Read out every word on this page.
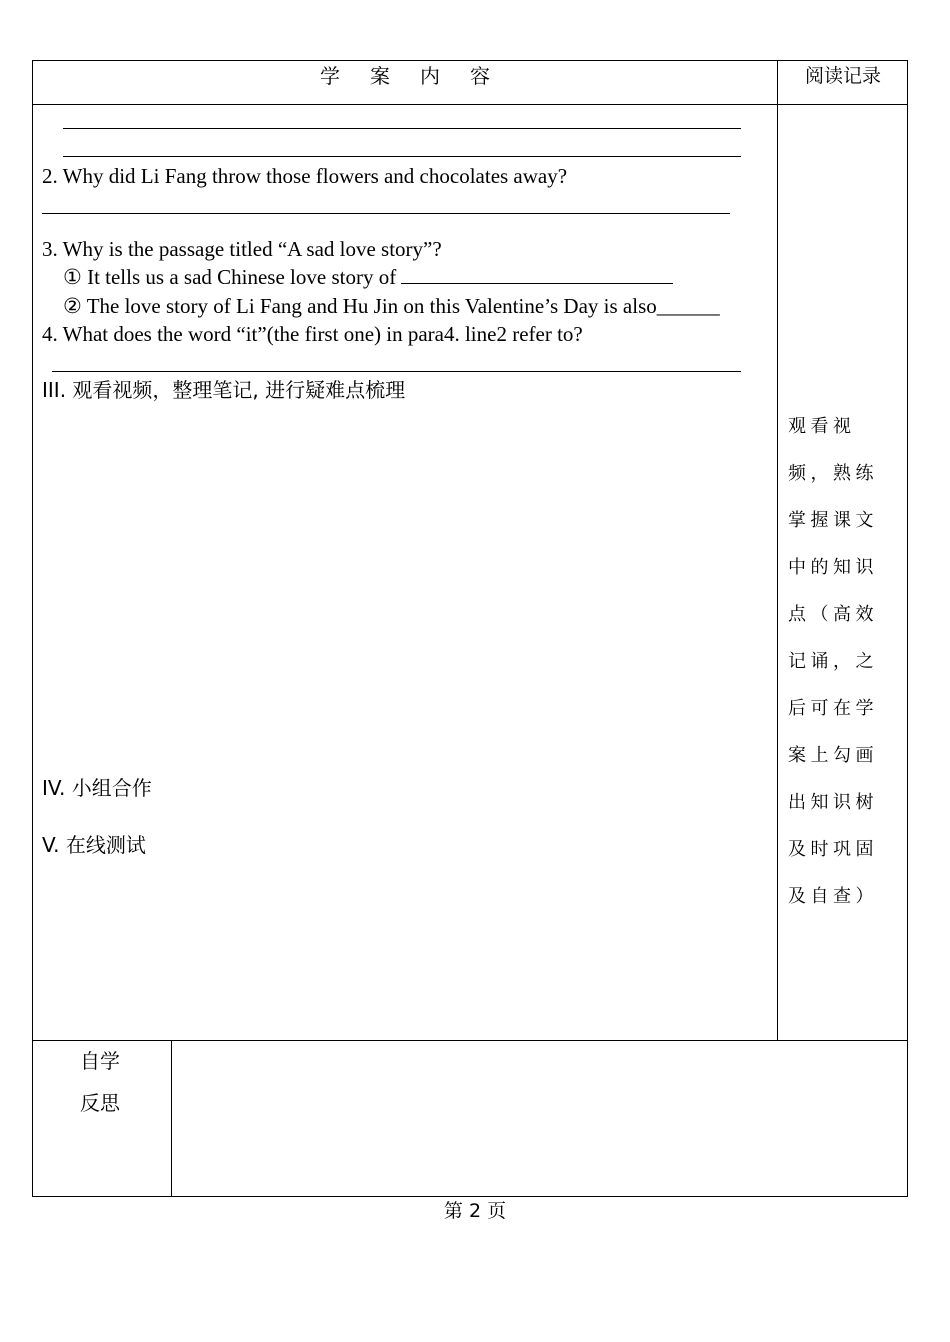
学 案 内 容	阅读记录
2. Why did Li Fang throw those flowers and chocolates away?
3. Why is the passage titled “A sad love story”?
① It tells us a sad Chinese love story of
② The love story of Li Fang and Hu Jin on this Valentine’s Day is also______
4. What does the word “it”(the first one) in para4. line2 refer to?
III. 观看视频，整理笔记, 进行疑难点梳理
观看视频，熟练掌握课文中的知识点（高效记诵，之后可在学案上勾画出知识树及时巩固及自查）
IV. 小组合作
V. 在线测试
自学
反思
第 2 页
